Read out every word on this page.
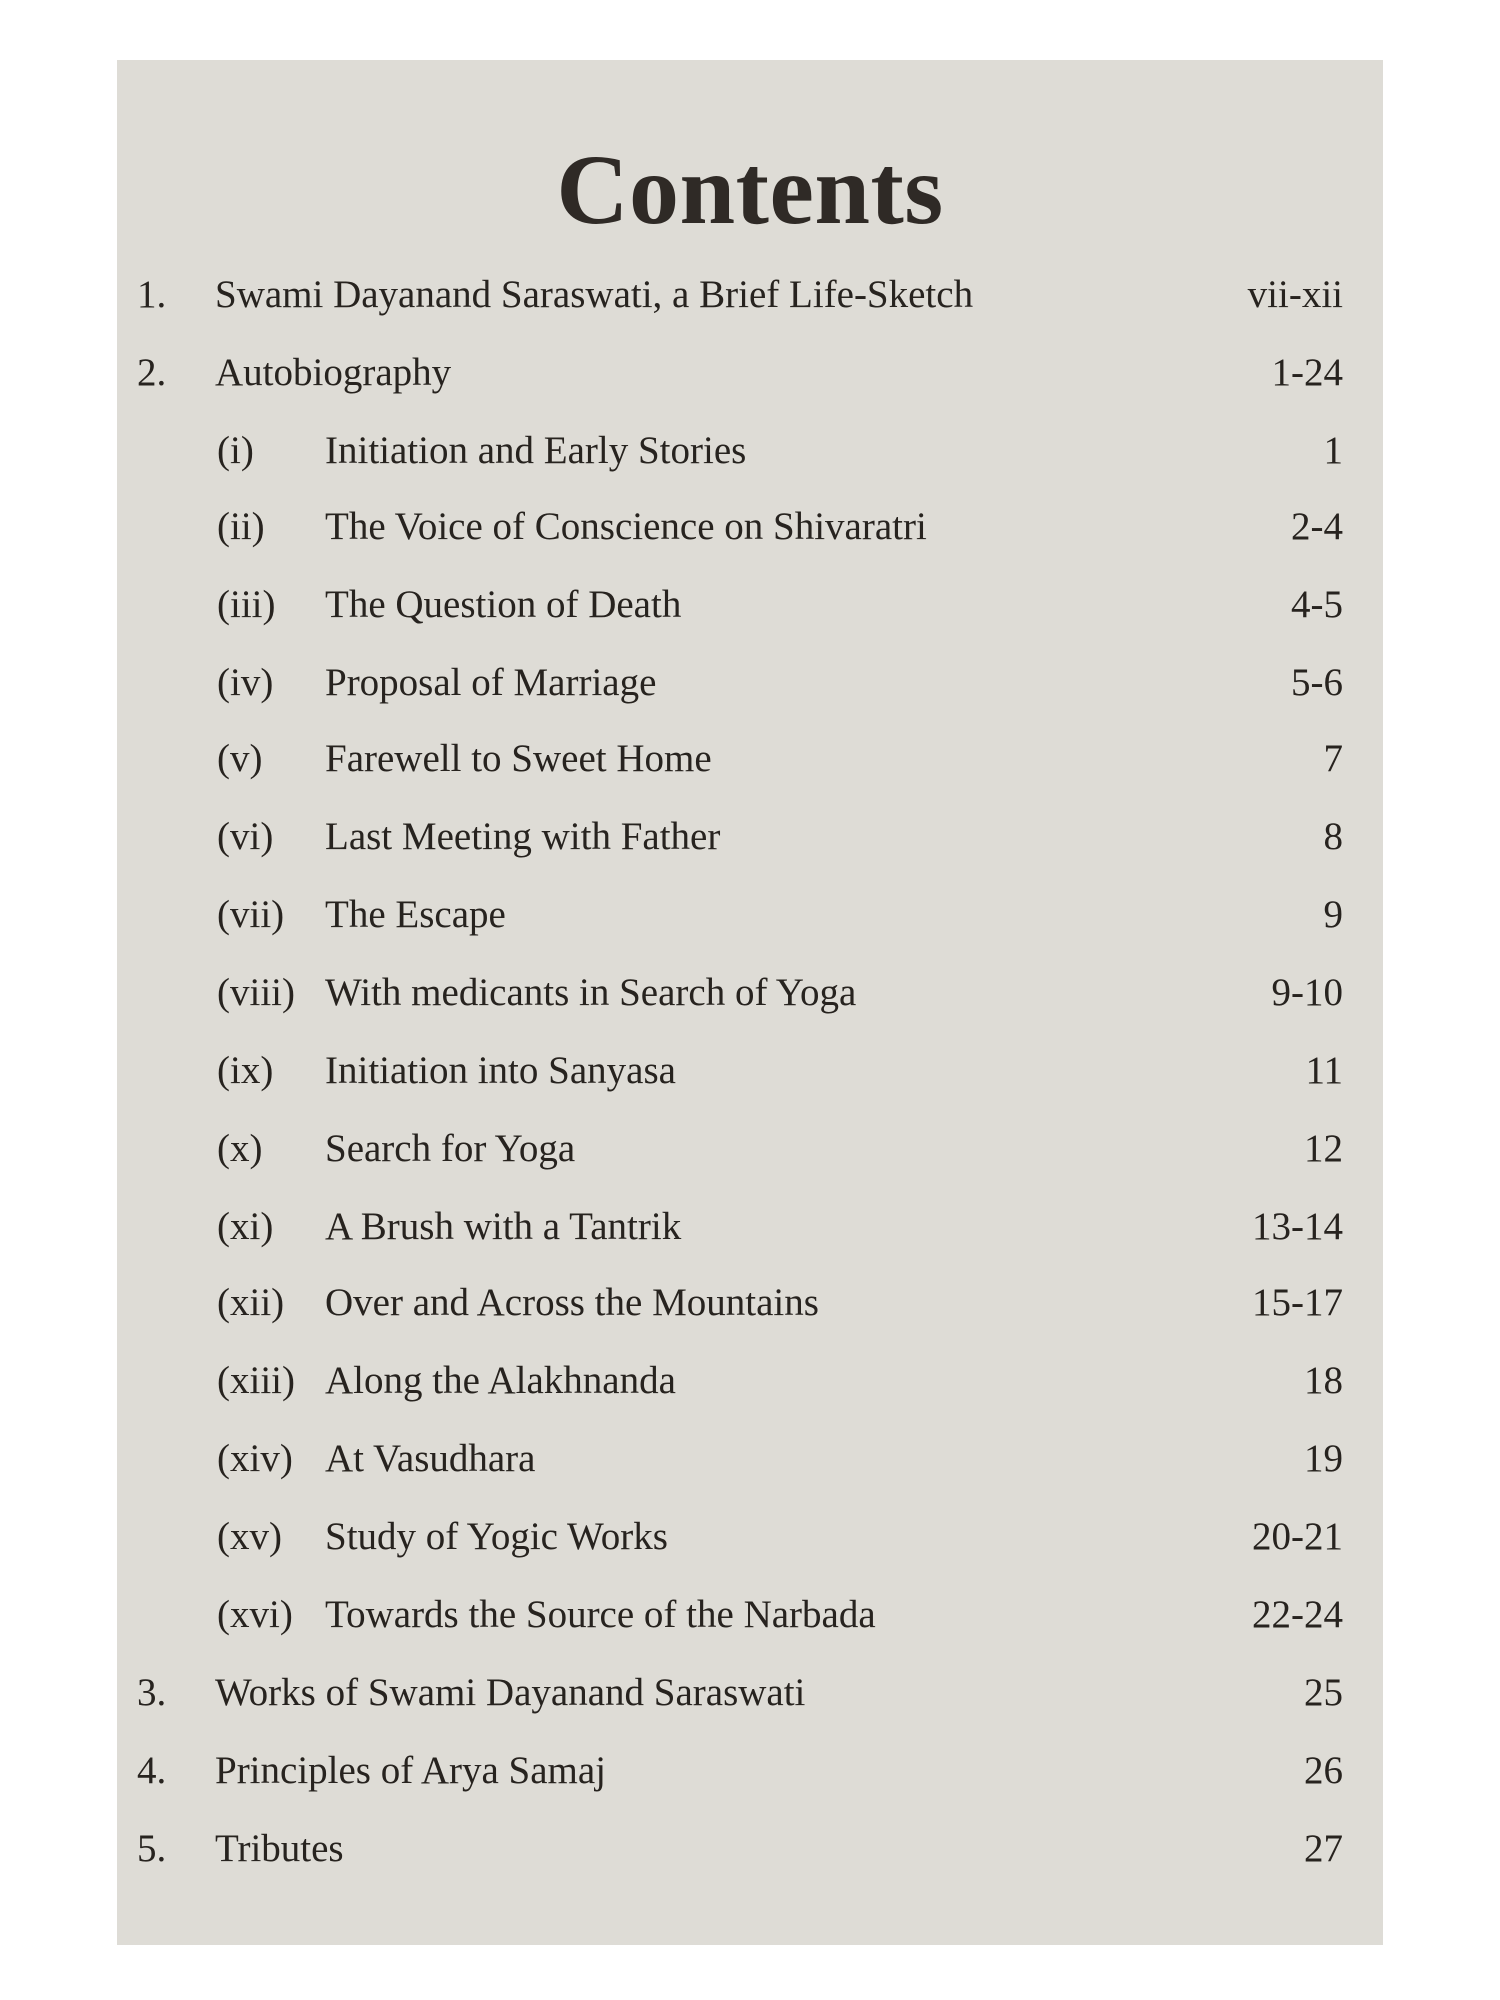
Contents
1. Swami Dayanand Saraswati, a Brief Life-Sketch	vii-xii
2. Autobiography	1-24
(i) Initiation and Early Stories	1
(ii) The Voice of Conscience on Shivaratri	2-4
(iii) The Question of Death	4-5
(iv) Proposal of Marriage	5-6
(v) Farewell to Sweet Home	7
(vi) Last Meeting with Father	8
(vii) The Escape	9
(viii) With medicants in Search of Yoga	9-10
(ix) Initiation into Sanyasa	11
(x) Search for Yoga	12
(xi) A Brush with a Tantrik	13-14
(xii) Over and Across the Mountains	15-17
(xiii) Along the Alakhnanda	18
(xiv) At Vasudhara	19
(xv) Study of Yogic Works	20-21
(xvi) Towards the Source of the Narbada	22-24
3. Works of Swami Dayanand Saraswati	25
4. Principles of Arya Samaj	26
5. Tributes	27
